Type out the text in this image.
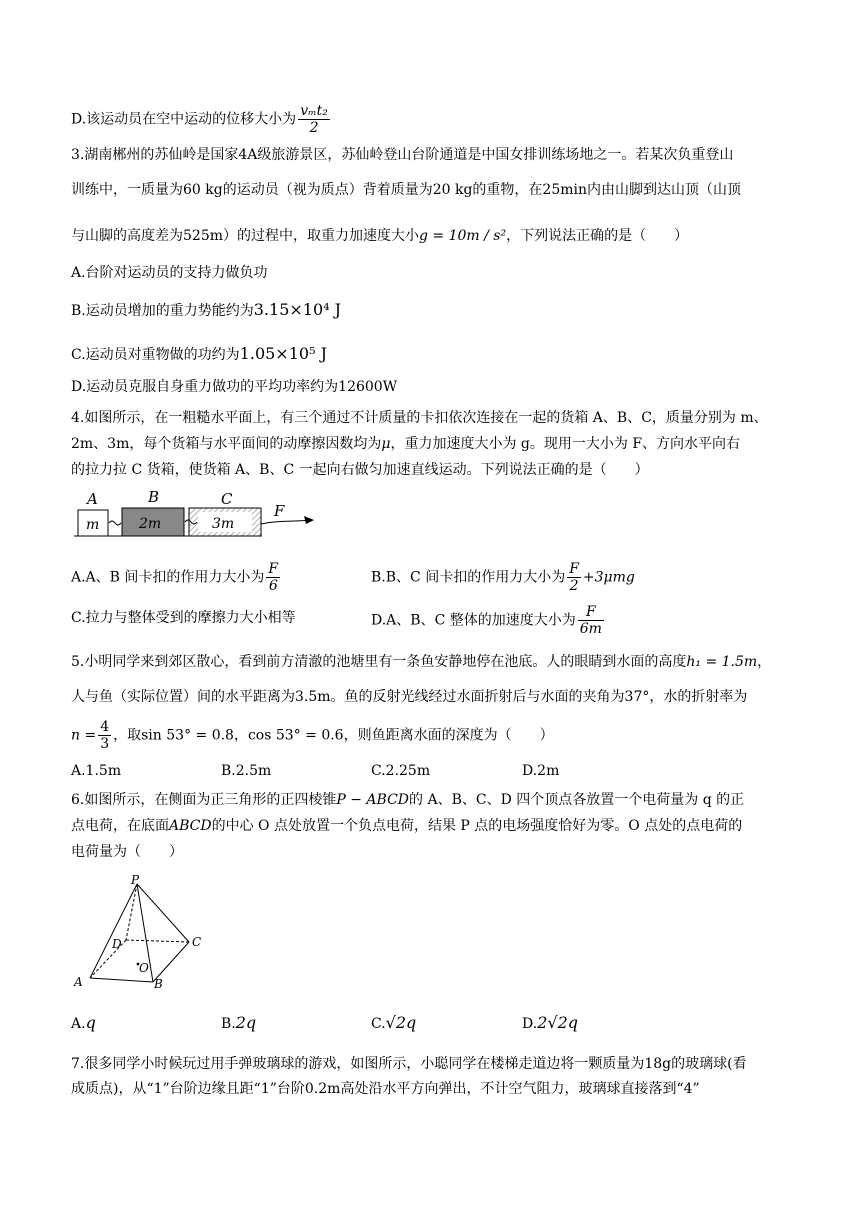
D.该运动员在空中运动的位移大小为 $\frac{\text{vₘt₂}}{2}$
3.湖南郴州的苏仙岭是国家4A级旅游景区，苏仙岭登山台阶通道是中国女排训练场地之一。若某次负重登山
训练中，一质量为60 kg的运动员（视为质点）背着质量为20 kg的重物，在25min内由山脚到达山顶（山顶
与山脚的高度差为525m）的过程中，取重力加速度大小g = 10m / s²，下列说法正确的是（　　）
A.台阶对运动员的支持力做负功
B.运动员增加的重力势能约为3.15×10⁴ J
C.运动员对重物做的功约为1.05×10⁵ J
D.运动员克服自身重力做功的平均功率约为12600W
4.如图所示，在一粗糙水平面上，有三个通过不计质量的卡扣依次连接在一起的货箱 A、B、C，质量分别为 m、
2m、3m，每个货箱与水平面间的动摩擦因数均为μ，重力加速度大小为 g。现用一大小为 F、方向水平向右
的拉力拉 C 货箱，使货箱 A、B、C 一起向右做匀加速直线运动。下列说法正确的是（　　）
A	B	C
F
m	2m	3m
A.A、B 间卡扣的作用力大小为 $\frac{F}{6}$	B.B、C 间卡扣的作用力大小为 $\frac{F}{2} +3\mu mg$
C.拉力与整体受到的摩擦力大小相等	D.A、B、C 整体的加速度大小为 $\frac{F}{6m}$
5.小明同学来到郊区散心，看到前方清澈的池塘里有一条鱼安静地停在池底。人的眼睛到水面的高度h₁ = 1.5m，
人与鱼（实际位置）间的水平距离为3.5m。鱼的反射光线经过水面折射后与水面的夹角为37°，水的折射率为
$n = \frac{4}{3}$ ，取sin 53° = 0.8，cos 53° = 0.6，则鱼距离水面的深度为（　　）
A.1.5m	B.2.5m	C.2.25m	D.2m
6.如图所示，在侧面为正三角形的正四棱锥P − ABCD的 A、B、C、D 四个顶点各放置一个电荷量为 q 的正
点电荷，在底面ABCD的中心 O 点处放置一个负点电荷，结果 P 点的电场强度恰好为零。O 点处的点电荷的
电荷量为（　　）
P
D	C
O
A	B
A.q	B.2q	C.√2q	D.2√2q
7.很多同学小时候玩过用手弹玻璃球的游戏，如图所示，小聪同学在楼梯走道边将一颗质量为18g的玻璃球(看
成质点)，从“1”台阶边缘且距“1”台阶0.2m高处沿水平方向弹出，不计空气阻力，玻璃球直接落到“4”
